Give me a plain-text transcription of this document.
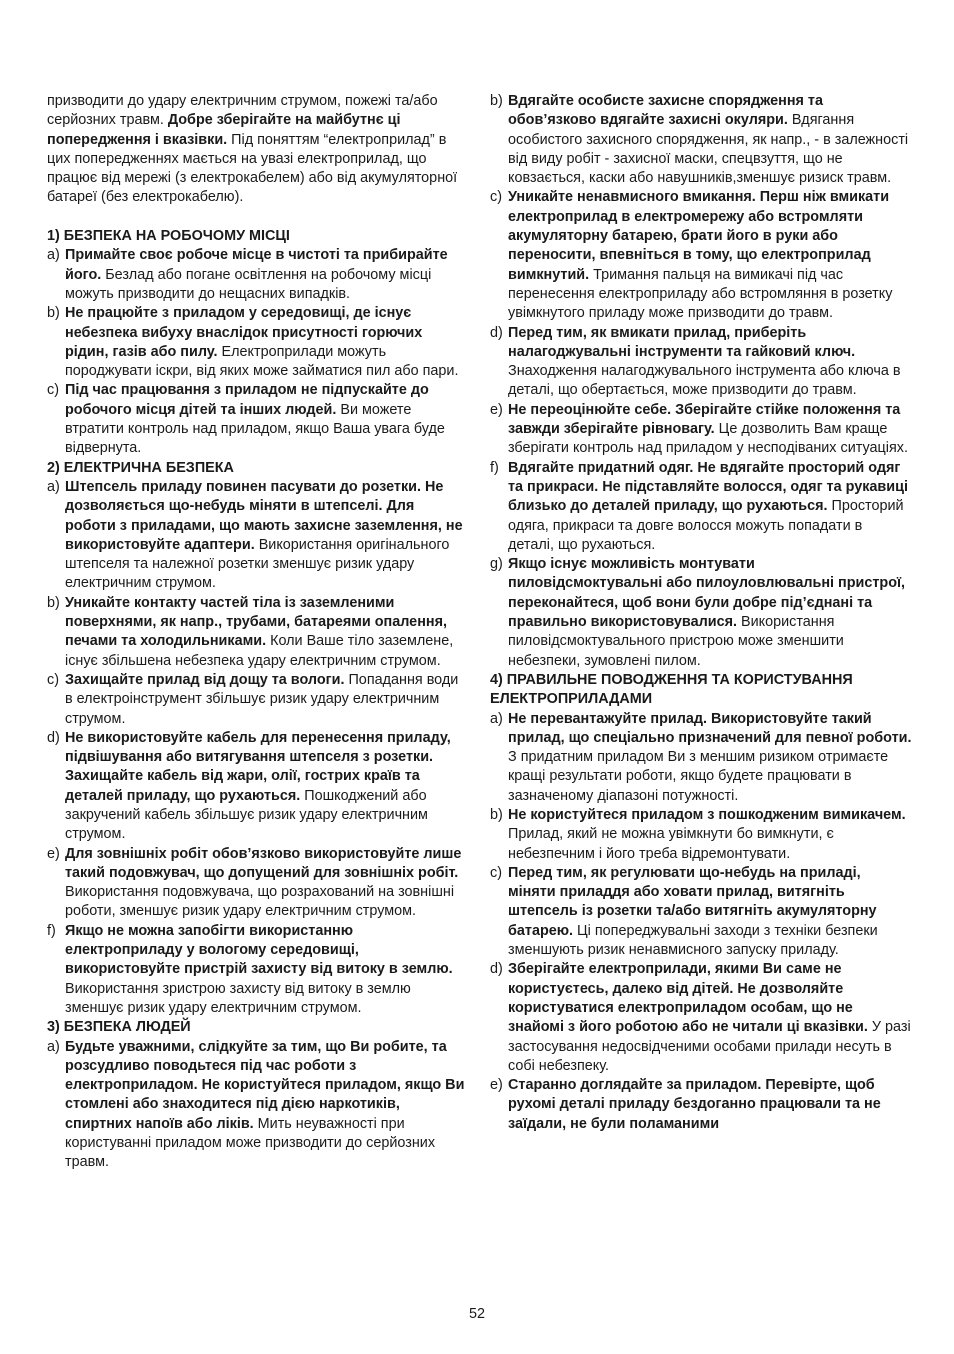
призводити до удару електричним струмом, пожежі та/або серйозних травм. Добре зберігайте на майбутнє ці попередження і вказівки. Під поняттям “електроприлад” в цих попередженнях мається на увазі електроприлад, що працює від мережі (з електрокабелем) або від акумуляторної батареї (без електрокабелю).

1) БЕЗПЕКА НА РОБОЧОМУ МІСЦІ

a) Примайте своє робоче місце в чистоті та прибирайте його. Безлад або погане освітлення на робочому місці можуть призводити до нещасних випадків.
b) Не працюйте з приладом у середовищі, де існує небезпека вибуху внаслідок присутності горючих рідин, газів або пилу. Електроприлади можуть породжувати іскри, від яких може займатися пил або пари.
c) Під час працювання з приладом не підпускайте до робочого місця дітей та інших людей. Ви можете втратити контроль над приладом, якщо Ваша увага буде відвернута.

2) ЕЛЕКТРИЧНА БЕЗПЕКА

a) Штепсель приладу повинен пасувати до розетки. Не дозволяється що-небудь міняти в штепселі. Для роботи з приладами, що мають захисне заземлення, не використовуйте адаптери. Використання оригінального штепселя та належної розетки зменшує ризик удару електричним струмом.
b) Уникайте контакту частей тіла із заземленими поверхнями, як напр., трубами, батареями опалення, печами та холодильниками. Коли Ваше тіло заземлене, існує збільшена небезпека удару електричним струмом.
c) Захищайте прилад від дощу та вологи. Попадання води в електроінструмент збільшує ризик удару електричним струмом.
d) Не використовуйте кабель для перенесення приладу, підвішування або витягування штепселя з розетки. Захищайте кабель від жари, олії, гострих країв та деталей приладу, що рухаються. Пошкоджений або закручений кабель збільшує ризик удару електричним струмом.
e) Для зовнішніх робіт обов’язково використовуйте лише такий подовжувач, що допущений для зовнішніх робіт. Використання подовжувача, що розрахований на зовнішні роботи, зменшує ризик удару електричним струмом.
f) Якщо не можна запобігти використанню електроприладу у вологому середовищі, використовуйте пристрій захисту від витоку в землю. Використання зристрою захисту від витоку в землю зменшує ризик удару електричним струмом.

3) БЕЗПЕКА ЛЮДЕЙ

a) Будьте уважними, слідкуйте за тим, що Ви робите, та розсудливо поводьтеся під час роботи з електроприладом. Не користуйтеся приладом, якщо Ви стомлені або знаходитеся під дією наркотиків, спиртних напоїв або ліків. Мить неуважності при користуванні приладом може призводити до серйозних травм.
b) Вдягайте особисте захисне спорядження та обов’язково вдягайте захисні окуляри. Вдягання особистого захисного спорядження, як напр., - в залежності від виду робіт - захисної маски, спецвзуття, що не ковзається, каски або навушників,зменшує ризиск травм.
c) Уникайте ненавмисного вмикання. Перш ніж вмикати електроприлад в електромережу або встромляти акумуляторну батарею, брати його в руки або переносити, впевніться в тому, що електроприлад вимкнутий. Тримання пальця на вимикачі під час перенесення електроприладу або встромляння в розетку увімкнутого приладу може призводити до травм.
d) Перед тим, як вмикати прилад, приберіть налагоджувальні інструменти та гайковий ключ. Знаходження налагоджувального інструмента або ключа в деталі, що обертається, може призводити до травм.
e) Не переоцінюйте себе. Зберігайте стійке положення та завжди зберігайте рівновагу. Це дозволить Вам краще зберігати контроль над приладом у несподіваних ситуаціях.
f) Вдягайте придатний одяг. Не вдягайте просторий одяг та прикраси. Не підставляйте волосся, одяг та рукавиці близько до деталей приладу, що рухаються. Просторий одяга, прикраси та довге волосся можуть попадати в деталі, що рухаються.
g) Якщо існує можливість монтувати пиловідсмоктувальні або пилоуловлювальні пристрої, переконайтеся, щоб вони були добре під’єднані та правильно використовувалися. Використання пиловідсмоктувального пристрою може зменшити небезпеки, зумовлені пилом.

4) ПРАВИЛЬНЕ ПОВОДЖЕННЯ ТА КОРИСТУВАННЯ ЕЛЕКТРОПРИЛАДАМИ

a) Не перевантажуйте прилад. Використовуйте такий прилад, що спеціально призначений для певної роботи. З придатним приладом Ви з меншим ризиком отримаєте кращі результати роботи, якщо будете працювати в зазначеному діапазоні потужності.
b) Не користуйтеся приладом з пошкодженим вимикачем. Прилад, який не можна увімкнути бо вимкнути, є небезпечним і його треба відремонтувати.
c) Перед тим, як регулювати що-небудь на приладі, міняти приладдя або ховати прилад, витягніть штепсель із розетки та/або витягніть акумуляторну батарею. Ці попереджувальні заходи з техніки безпеки зменшують ризик ненавмисного запуску приладу.
d) Зберігайте електроприлади, якими Ви саме не користуєтесь, далеко від дітей. Не дозволяйте користуватися електроприладом особам, що не знайомі з його роботою або не читали ці вказівки. У разі застосування недосвідченими особами прилади несуть в собі небезпеку.
e) Старанно доглядайте за приладом. Перевірте, щоб рухомі деталі приладу бездоганно працювали та не заїдали, не були поламаними
52
